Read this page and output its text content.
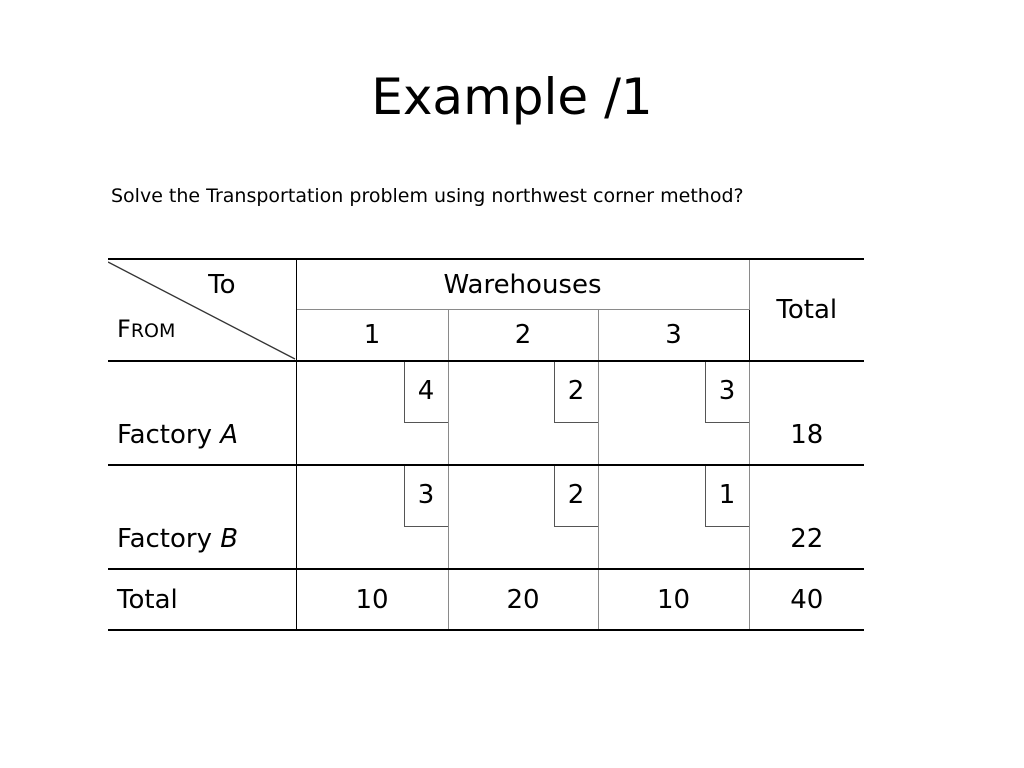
Example /1

Solve the Transportation problem using northwest corner method?

To
FROM	Warehouses			Total
	1	2	3	

Factory A	4	2	3	18

Factory B	3	2	1	22

Total	10	20	10	40
